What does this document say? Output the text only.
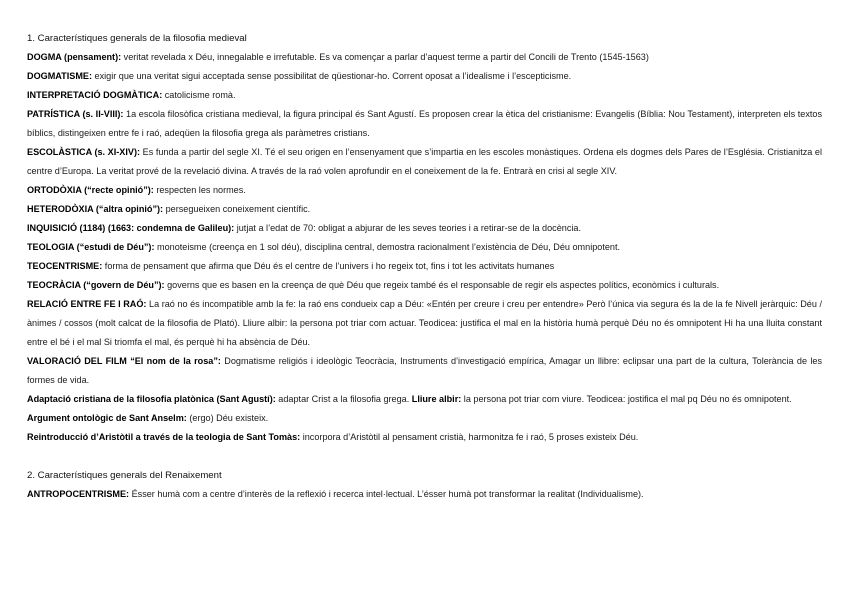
1. Característiques generals de la filosofia medieval

DOGMA (pensament): veritat revelada x Déu, innegalable e irrefutable. Es va començar a parlar d’aquest terme a partir del Concili de Trento (1545-1563)

DOGMATISME: exigir que una veritat sigui acceptada sense possibilitat de qüestionar-ho. Corrent oposat a l’idealisme i l’escepticisme.

INTERPRETACIÓ DOGMÀTICA: catolicisme romà.

PATRÍSTICA (s. II-VIII): 1a escola filosòfica cristiana medieval, la figura principal és Sant Agustí. Es proposen crear la ètica del cristianisme: Evangelis (Bíblia: Nou Testament), interpreten els textos bíblics, distingeixen entre fe i raó, adeqüen la filosofia grega als paràmetres cristians.

ESCOLÀSTICA (s. XI-XIV): Es funda a partir del segle XI. Té el seu origen en l’ensenyament que s’impartia en les escoles monàstiques. Ordena els dogmes dels Pares de l’Església. Cristianitza el centre d’Europa. La veritat prové de la revelació divina. A través de la raó volen aprofundir en el coneixement de la fe. Entrarà en crisi al segle XIV.

ORTODÒXIA (“recte opinió”): respecten les normes.

HETERODÒXIA (“altra opinió”): persegueixen coneixement científic.

INQUISICIÓ (1184) (1663: condemna de Galileu): jutjat a l’edat de 70: obligat a abjurar de les seves teories i a retirar-se de la docència.

TEOLOGIA (“estudi de Déu”): monoteisme (creença en 1 sol déu), disciplina central, demostra racionalment l’existència de Déu, Déu omnipotent.

TEOCENTRISME: forma de pensament que afirma que Déu és el centre de l’univers i ho regeix tot, fins i tot les activitats humanes

TEOCRÀCIA (“govern de Déu”): governs que es basen en la creença de què Déu que regeix també és el responsable de regir els aspectes polítics, econòmics i culturals.

RELACIÓ ENTRE FE I RAÓ: La raó no és incompatible amb la fe: la raó ens condueix cap a Déu: «Entén per creure i creu per entendre» Però l’única via segura és la de la fe Nivell jeràrquic: Déu / ànimes / cossos (molt calcat de la filosofia de Plató). Lliure albir: la persona pot triar com actuar. Teodicea: justifica el mal en la història humà perquè Déu no és omnipotent Hi ha una lluita constant entre el bé i el mal Si triomfa el mal, és perquè hi ha absència de Déu.

VALORACIÓ DEL FILM “El nom de la rosa”: Dogmatisme religiós i ideològic Teocràcia, Instruments d’investigació empírica, Amagar un llibre: eclipsar una part de la cultura, Tolerància de les formes de vida.

Adaptació cristiana de la filosofia platònica (Sant Agustí): adaptar Crist a la filosofia grega. Lliure albir: la persona pot triar com viure. Teodicea: jostifica el mal pq Déu no és omnipotent.

Argument ontològic de Sant Anselm: (ergo) Déu existeix.

Reintroducció d’Aristòtil a través de la teologia de Sant Tomàs: incorpora d’Aristòtil al pensament cristià, harmonitza fe i raó, 5 proses existeix Déu.

2. Característiques generals del Renaixement

ANTROPOCENTRISME: Ésser humà com a centre d’interès de la reflexió i recerca intel·lectual. L’ésser humà pot transformar la realitat (Individualisme).
